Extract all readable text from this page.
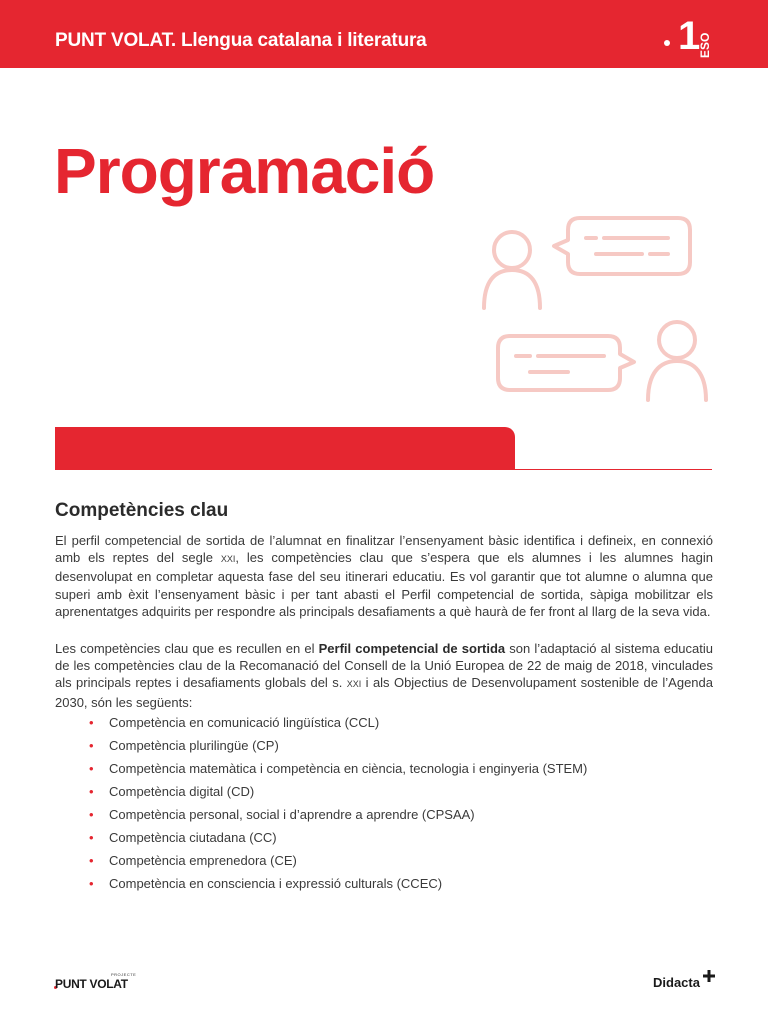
PUNT VOLAT. Llengua catalana i literatura	1
ESO
Programació
Competències clau

El perfil competencial de sortida de l’alumnat en finalitzar l’ensenyament bàsic identifica i defineix, en connexió amb els reptes del segle XXI, les competències clau que s’espera que els alumnes i les alumnes hagin desenvolupat en completar aquesta fase del seu itinerari educatiu. Es vol garantir que tot alumne o alumna que superi amb èxit l’ensenyament bàsic i per tant abasti el Perfil competencial de sortida, sàpiga mobilitzar els aprenentatges adquirits per respondre als principals desafiaments a què haurà de fer front al llarg de la seva vida.

Les competències clau que es recullen en el Perfil competencial de sortida son l’adaptació al sistema educatiu de les competències clau de la Recomanació del Consell de la Unió Europea de 22 de maig de 2018, vinculades als principals reptes i desafiaments globals del s. XXI i als Objectius de Desenvolupament sostenible de l’Agenda 2030, són les següents:

• Competència en comunicació lingüística (CCL)
• Competència plurilingüe (CP)
• Competència matemàtica i competència en ciència, tecnologia i enginyeria (STEM)
• Competència digital (CD)
• Competència personal, social i d’aprendre a aprendre (CPSAA)
• Competència ciutadana (CC)
• Competència emprenedora (CE)
• Competència en consciencia i expressió culturals (CCEC)
PROJECTE
PUNT VOLAT	Didacta
